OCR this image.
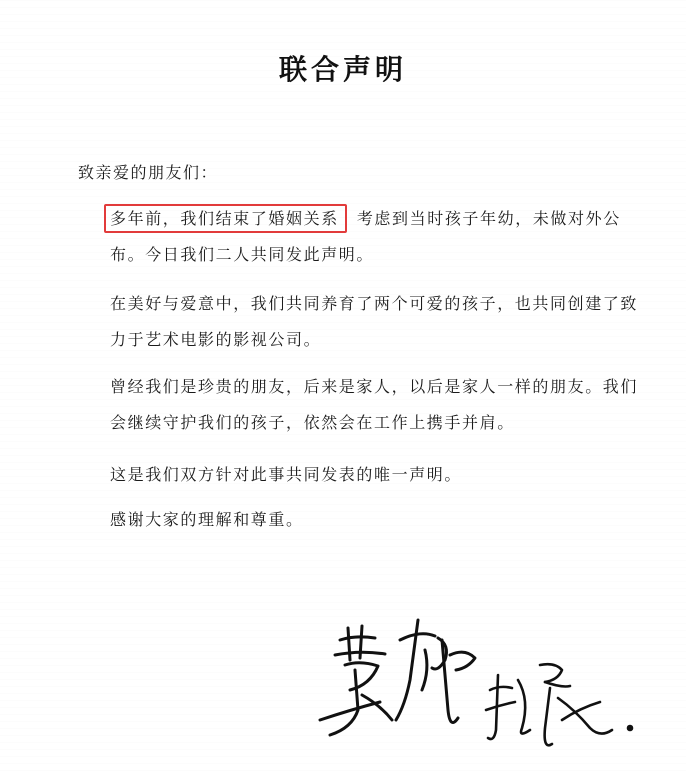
联合声明
致亲爱的朋友们：
多年前，我们结束了婚姻关系 考虑到当时孩子年幼，未做对外公布。今日我们二人共同发此声明。
在美好与爱意中，我们共同养育了两个可爱的孩子，也共同创建了致力于艺术电影的影视公司。
曾经我们是珍贵的朋友，后来是家人，以后是家人一样的朋友。我们会继续守护我们的孩子，依然会在工作上携手并肩。
这是我们双方针对此事共同发表的唯一声明。
感谢大家的理解和尊重。
